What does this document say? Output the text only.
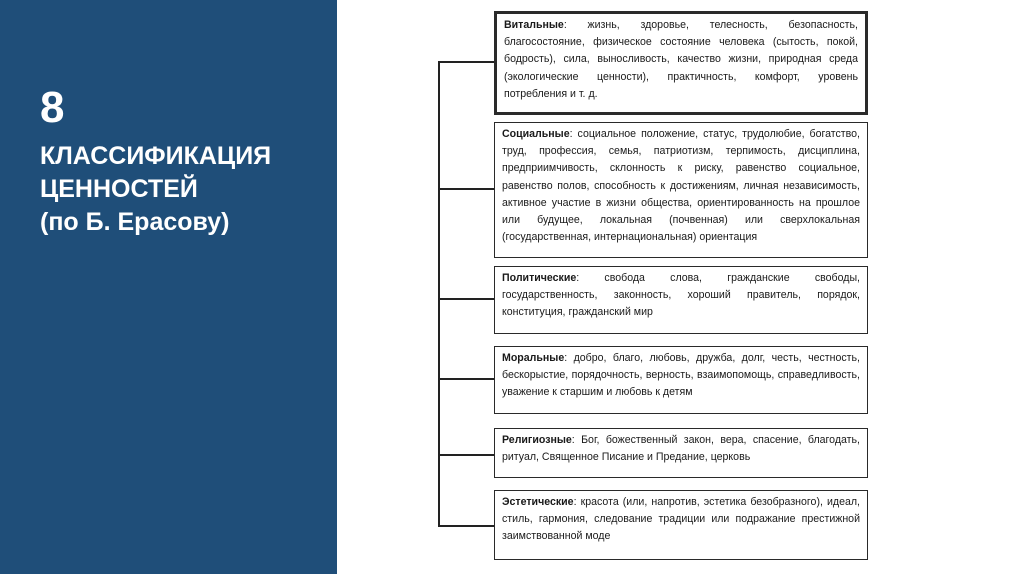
8
КЛАССИФИКАЦИЯ
ЦЕННОСТЕЙ
(по Б. Ерасову)
Витальные: жизнь, здоровье, телесность, безопасность, благосостояние, физическое состояние человека (сытость, покой, бодрость), сила, выносливость, качество жизни, природная среда (экологические ценности), практичность, комфорт, уровень потребления и т. д.
Социальные: социальное положение, статус, трудолюбие, богатство, труд, профессия, семья, патриотизм, терпимость, дисциплина, предприимчивость, склонность к риску, равенство социальное, равенство полов, способность к достижениям, личная независимость, активное участие в жизни общества, ориентированность на прошлое или будущее, локальная (почвенная) или сверхлокальная (государственная, интернациональная) ориентация
Политические: свобода слова, гражданские свободы, государственность, законность, хороший правитель, порядок, конституция, гражданский мир
Моральные: добро, благо, любовь, дружба, долг, честь, честность, бескорыстие, порядочность, верность, взаимопомощь, справедливость, уважение к старшим и любовь к детям
Религиозные: Бог, божественный закон, вера, спасение, благодать, ритуал, Священное Писание и Предание, церковь
Эстетические: красота (или, напротив, эстетика безобразного), идеал, стиль, гармония, следование традиции или подражание престижной заимствованной моде
